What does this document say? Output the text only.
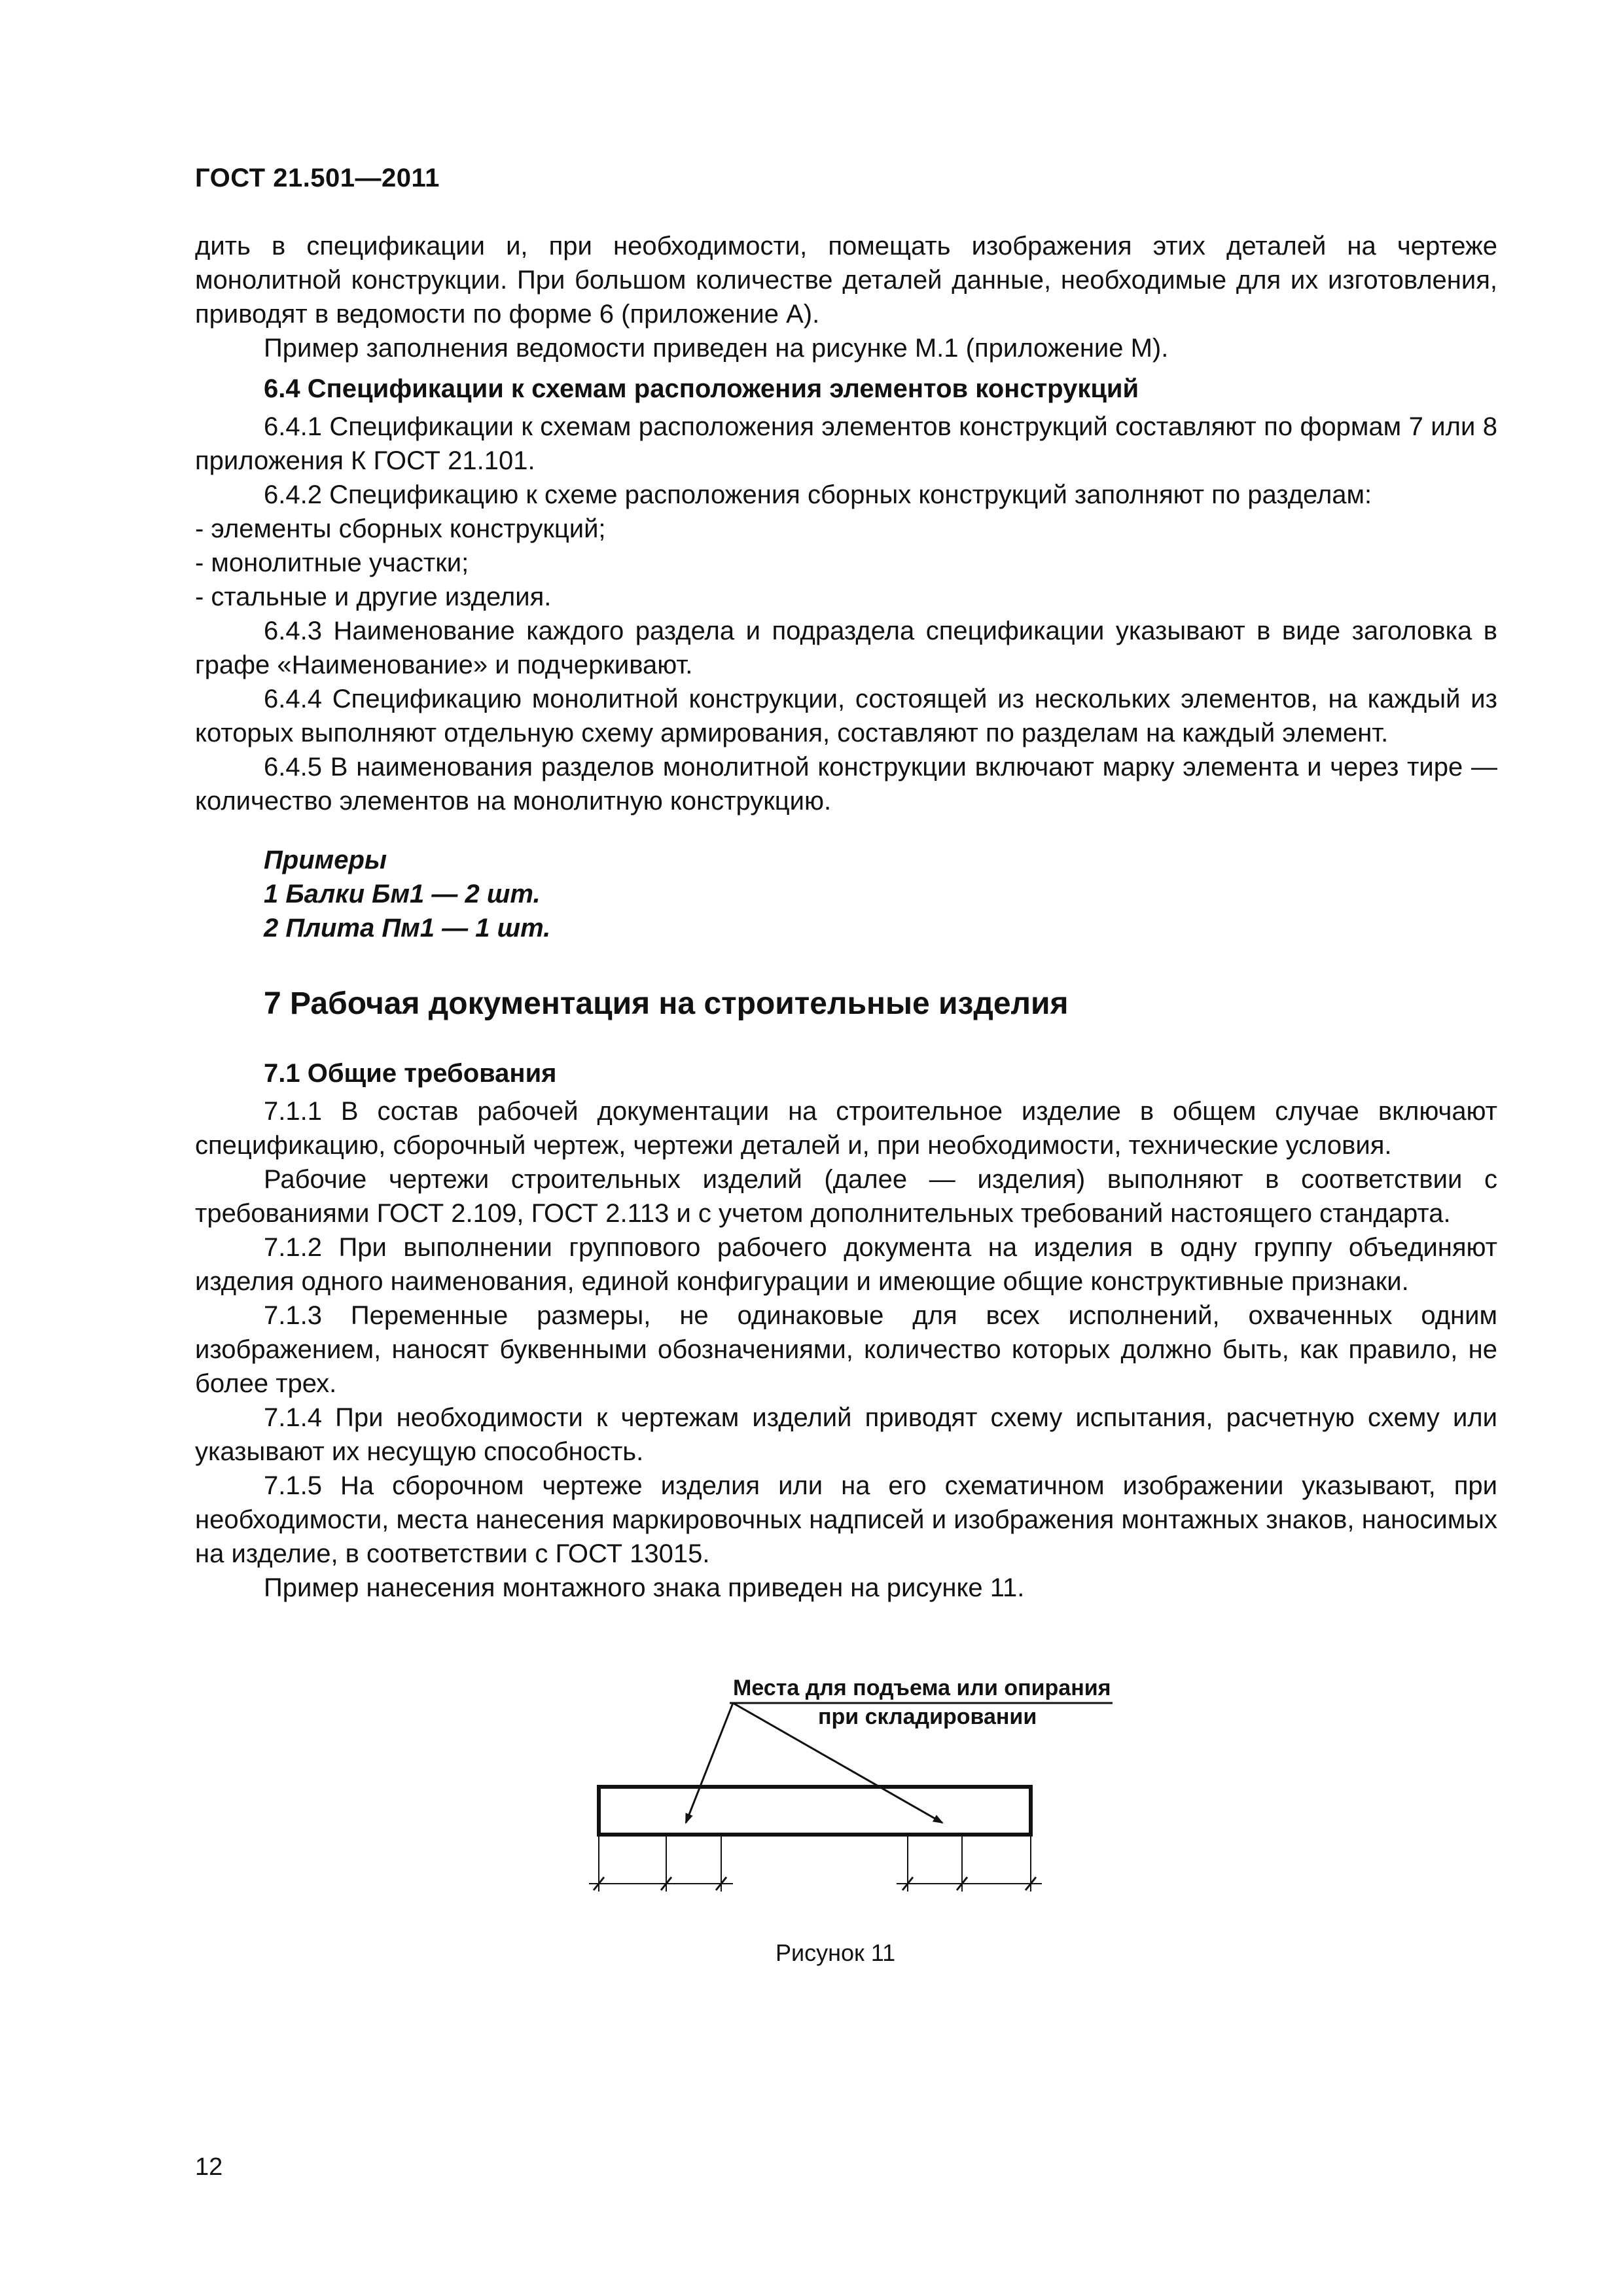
ГОСТ 21.501—2011

дить в спецификации и, при необходимости, помещать изображения этих деталей на чертеже монолитной конструкции. При большом количестве деталей данные, необходимые для их изготовления, приводят в ведомости по форме 6 (приложение А).

Пример заполнения ведомости приведен на рисунке М.1 (приложение М).

6.4 Спецификации к схемам расположения элементов конструкций

6.4.1 Спецификации к схемам расположения элементов конструкций составляют по формам 7 или 8 приложения К ГОСТ 21.101.

6.4.2 Спецификацию к схеме расположения сборных конструкций заполняют по разделам:

- элементы сборных конструкций;

- монолитные участки;

- стальные и другие изделия.

6.4.3 Наименование каждого раздела и подраздела спецификации указывают в виде заголовка в графе «Наименование» и подчеркивают.

6.4.4 Спецификацию монолитной конструкции, состоящей из нескольких элементов, на каждый из которых выполняют отдельную схему армирования, составляют по разделам на каждый элемент.

6.4.5 В наименования разделов монолитной конструкции включают марку элемента и через тире — количество элементов на монолитную конструкцию.

Примеры
1 Балки Бм1 — 2 шт.
2 Плита Пм1 — 1 шт.

7 Рабочая документация на строительные изделия

7.1 Общие требования

7.1.1 В состав рабочей документации на строительное изделие в общем случае включают спецификацию, сборочный чертеж, чертежи деталей и, при необходимости, технические условия.

Рабочие чертежи строительных изделий (далее — изделия) выполняют в соответствии с требованиями ГОСТ 2.109, ГОСТ 2.113 и с учетом дополнительных требований настоящего стандарта.

7.1.2 При выполнении группового рабочего документа на изделия в одну группу объединяют изделия одного наименования, единой конфигурации и имеющие общие конструктивные признаки.

7.1.3 Переменные размеры, не одинаковые для всех исполнений, охваченных одним изображением, наносят буквенными обозначениями, количество которых должно быть, как правило, не более трех.

7.1.4 При необходимости к чертежам изделий приводят схему испытания, расчетную схему или указывают их несущую способность.

7.1.5 На сборочном чертеже изделия или на его схематичном изображении указывают, при необходимости, места нанесения маркировочных надписей и изображения монтажных знаков, наносимых на изделие, в соответствии с ГОСТ 13015.

Пример нанесения монтажного знака приведен на рисунке 11.

Места для подъема или опирания
при складировании
Рисунок 11
12
